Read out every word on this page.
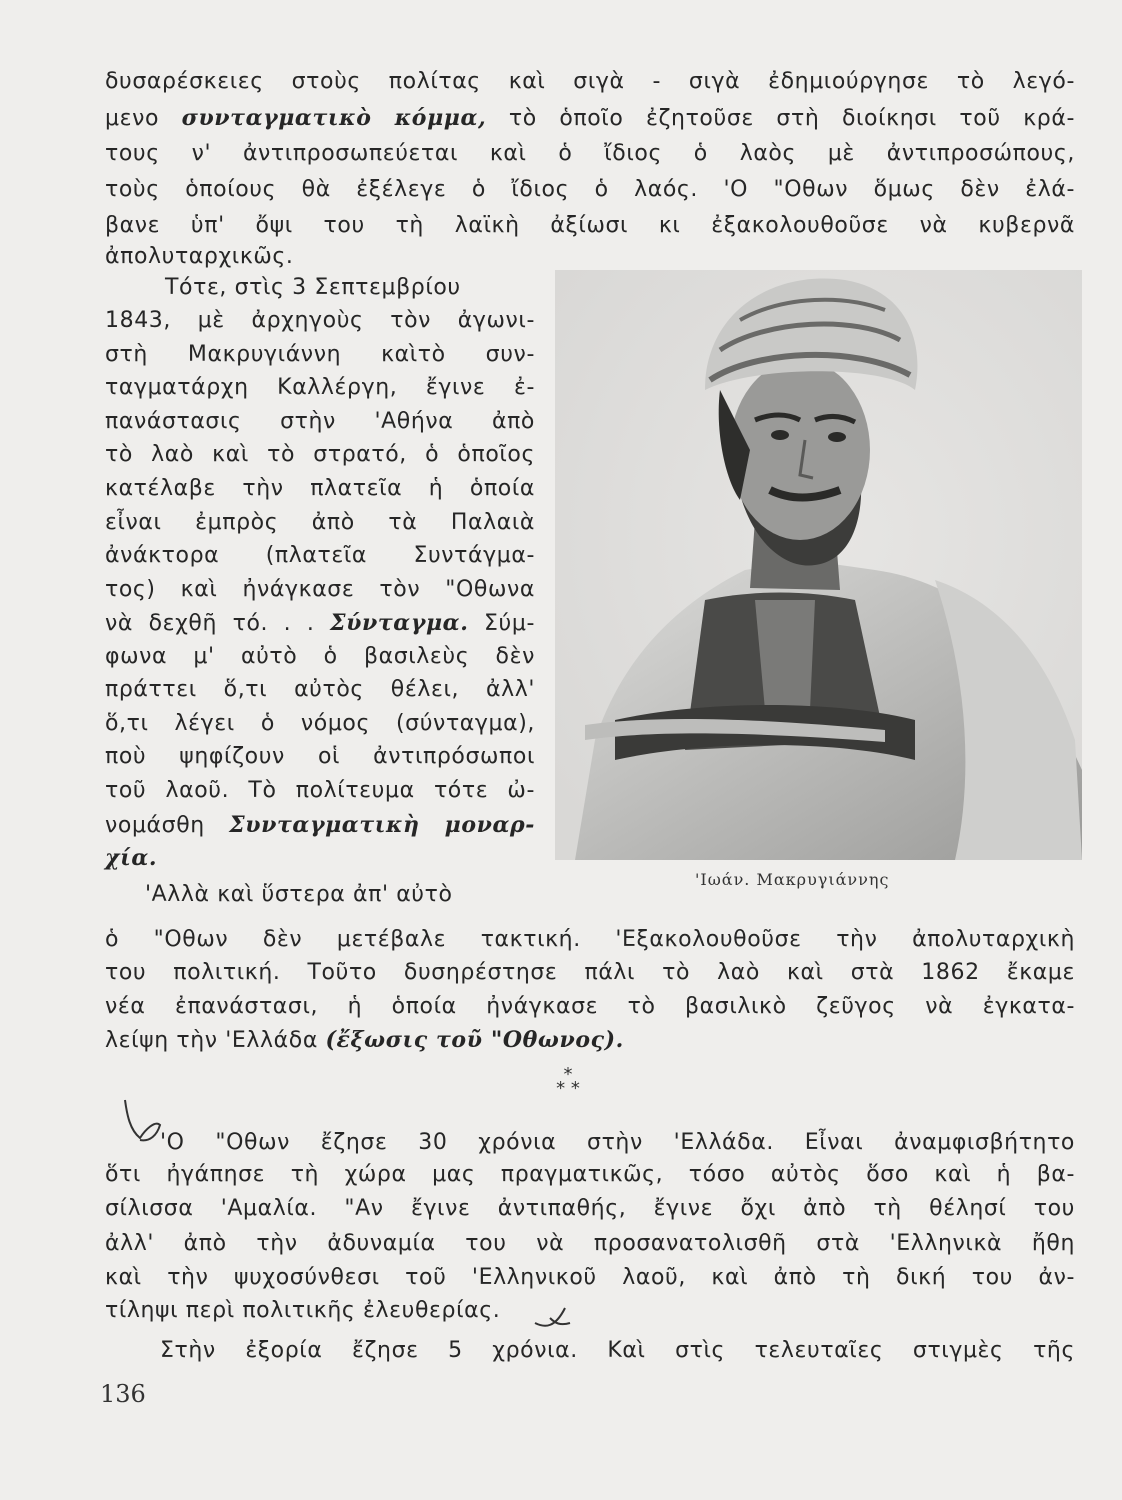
δυσαρέσκειες στοὺς πολίτας καὶ σιγὰ - σιγὰ ἐδημιούργησε τὸ λεγό-
μενο συνταγματικὸ κόμμα, τὸ ὁποῖο ἐζητοῦσε στὴ διοίκησι τοῦ κρά-
τους ν' ἀντιπροσωπεύεται καὶ ὁ ἴδιος ὁ λαὸς μὲ ἀντιπροσώπους,
τοὺς ὁποίους θὰ ἐξέλεγε ὁ ἴδιος ὁ λαός. 'Ο "Οθων ὅμως δὲν ἐλά-
βανε ὑπ' ὄψι του τὴ λαϊκὴ ἀξίωσι κι ἐξακολουθοῦσε νὰ κυβερνᾶ
ἀπολυταρχικῶς.
Τότε, στὶς 3 Σεπτεμβρίου
1843, μὲ ἀρχηγοὺς τὸν ἀγωνι-
στὴ Μακρυγιάννη καὶτὸ συν-
ταγματάρχη Καλλέργη, ἔγινε ἐ-
πανάστασις στὴν 'Αθήνα ἀπὸ
τὸ λαὸ καὶ τὸ στρατό, ὁ ὁποῖος
κατέλαβε τὴν πλατεῖα ἡ ὁποία
εἶναι ἐμπρὸς ἀπὸ τὰ Παλαιὰ
ἀνάκτορα (πλατεῖα Συντάγμα-
τος) καὶ ἠνάγκασε τὸν "Οθωνα
νὰ δεχθῆ τό. . . Σύνταγμα. Σύμ-
φωνα μ' αὐτὸ ὁ βασιλεὺς δὲν
πράττει ὅ,τι αὐτὸς θέλει, ἀλλ'
ὅ,τι λέγει ὁ νόμος (σύνταγμα),
ποὺ ψηφίζουν οἱ ἀντιπρόσωποι
τοῦ λαοῦ. Τὸ πολίτευμα τότε ὠ-
νομάσθη Συνταγματικὴ μοναρ-
χία.
'Ιωάν. Μακρυγιάννης
'Αλλὰ καὶ ὕστερα ἀπ' αὐτὸ
ὁ "Οθων δὲν μετέβαλε τακτική. 'Εξακολουθοῦσε τὴν ἀπολυταρχικὴ
του πολιτική. Τοῦτο δυσηρέστησε πάλι τὸ λαὸ καὶ στὰ 1862 ἔκαμε
νέα ἐπανάστασι, ἡ ὁποία ἠνάγκασε τὸ βασιλικὸ ζεῦγος νὰ ἐγκατα-
λείψη τὴν 'Ελλάδα (ἔξωσις τοῦ "Οθωνος).
*
* *
'Ο "Οθων ἔζησε 30 χρόνια στὴν 'Ελλάδα. Εἶναι ἀναμφισβήτητο
ὅτι ἠγάπησε τὴ χώρα μας πραγματικῶς, τόσο αὐτὸς ὅσο καὶ ἡ βα-
σίλισσα 'Αμαλία. "Αν ἔγινε ἀντιπαθής, ἔγινε ὄχι ἀπὸ τὴ θέλησί του
ἀλλ' ἀπὸ τὴν ἀδυναμία του νὰ προσανατολισθῆ στὰ 'Ελληνικὰ ἤθη
καὶ τὴν ψυχοσύνθεσι τοῦ 'Ελληνικοῦ λαοῦ, καὶ ἀπὸ τὴ δική του ἀν-
τίληψι περὶ πολιτικῆς ἐλευθερίας.
Στὴν ἐξορία ἔζησε 5 χρόνια. Καὶ στὶς τελευταῖες στιγμὲς τῆς
136
